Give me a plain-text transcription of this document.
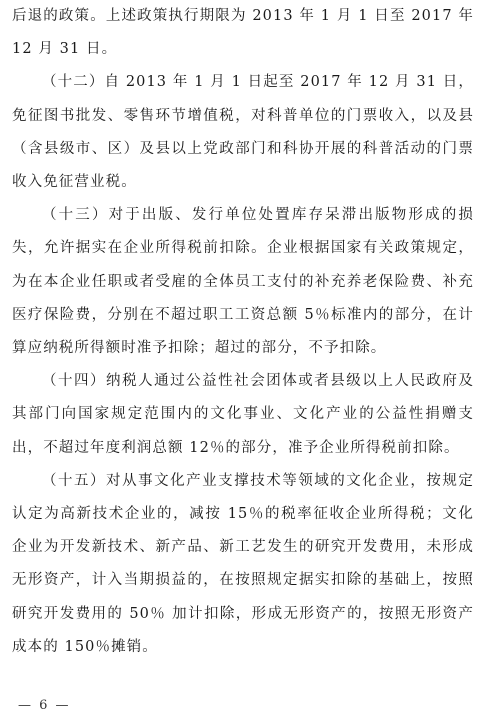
后退的政策。上述政策执行期限为 2013 年 1 月 1 日至 2017 年 12 月 31 日。

（十二）自 2013 年 1 月 1 日起至 2017 年 12 月 31 日，免征图书批发、零售环节增值税，对科普单位的门票收入，以及县（含县级市、区）及县以上党政部门和科协开展的科普活动的门票收入免征营业税。

（十三）对于出版、发行单位处置库存呆滞出版物形成的损失，允许据实在企业所得税前扣除。企业根据国家有关政策规定，为在本企业任职或者受雇的全体员工支付的补充养老保险费、补充医疗保险费，分别在不超过职工工资总额 5％标准内的部分，在计算应纳税所得额时准予扣除；超过的部分，不予扣除。

（十四）纳税人通过公益性社会团体或者县级以上人民政府及其部门向国家规定范围内的文化事业、文化产业的公益性捐赠支出，不超过年度利润总额 12％的部分，准予企业所得税前扣除。

（十五）对从事文化产业支撑技术等领域的文化企业，按规定认定为高新技术企业的，减按 15％的税率征收企业所得税；文化企业为开发新技术、新产品、新工艺发生的研究开发费用，未形成无形资产，计入当期损益的，在按照规定据实扣除的基础上，按照研究开发费用的 50％ 加计扣除，形成无形资产的，按照无形资产成本的 150％摊销。

— 6 —
